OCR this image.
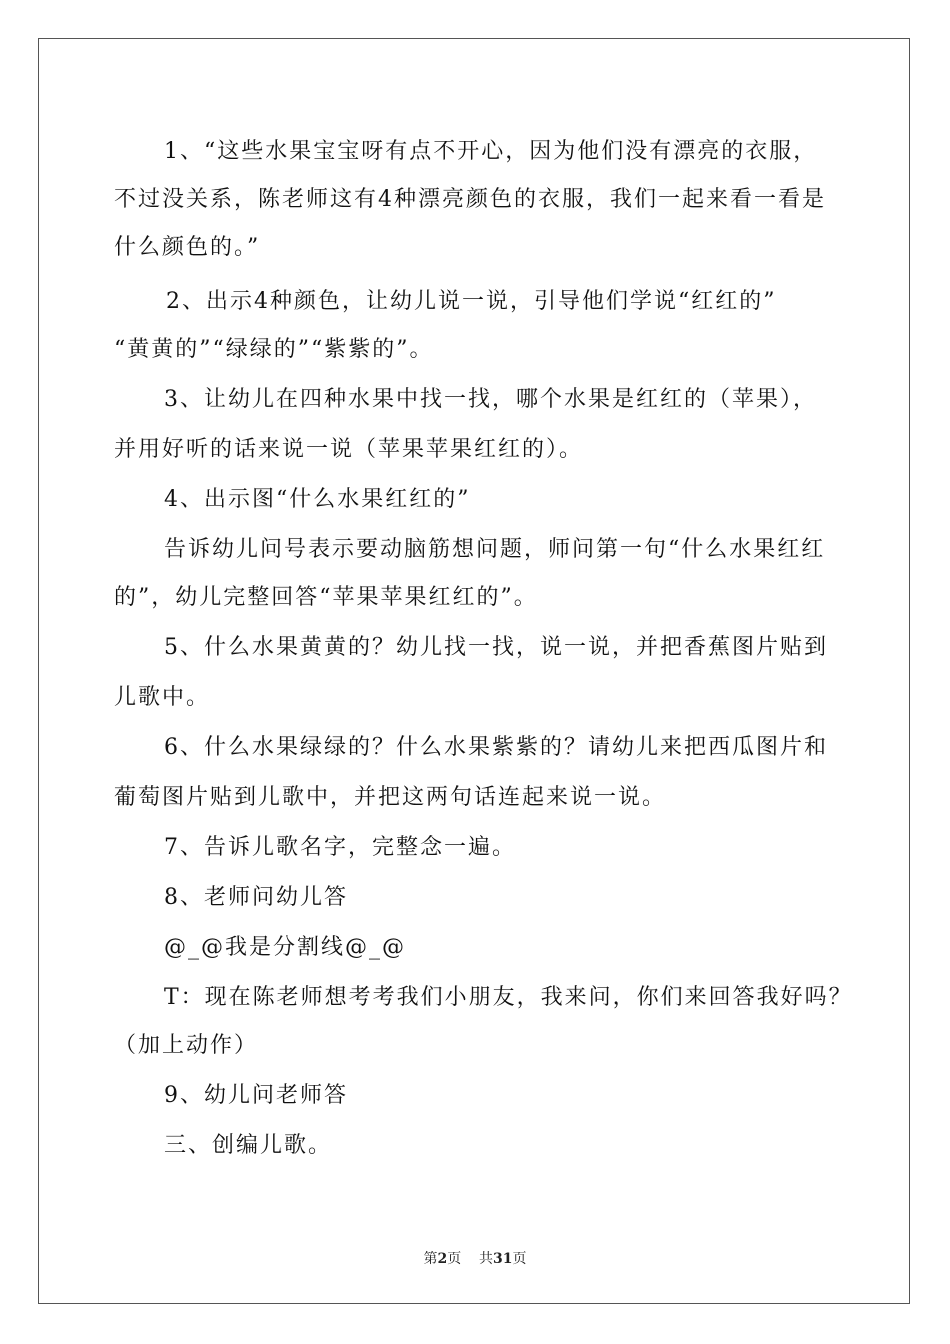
1、“这些水果宝宝呀有点不开心，因为他们没有漂亮的衣服，
不过没关系，陈老师这有4种漂亮颜色的衣服，我们一起来看一看是
什么颜色的。”
2、出示4种颜色，让幼儿说一说，引导他们学说“红红的”
“黄黄的”“绿绿的”“紫紫的”。
3、让幼儿在四种水果中找一找，哪个水果是红红的（苹果），
并用好听的话来说一说（苹果苹果红红的）。
4、出示图“什么水果红红的”
告诉幼儿问号表示要动脑筋想问题，师问第一句“什么水果红红
的”，幼儿完整回答“苹果苹果红红的”。
5、什么水果黄黄的？幼儿找一找，说一说，并把香蕉图片贴到
儿歌中。
6、什么水果绿绿的？什么水果紫紫的？请幼儿来把西瓜图片和
葡萄图片贴到儿歌中，并把这两句话连起来说一说。
7、告诉儿歌名字，完整念一遍。
8、老师问幼儿答
@_@我是分割线@_@
T：现在陈老师想考考我们小朋友，我来问，你们来回答我好吗？
（加上动作）
9、幼儿问老师答
三、创编儿歌。
第2页 共31页
